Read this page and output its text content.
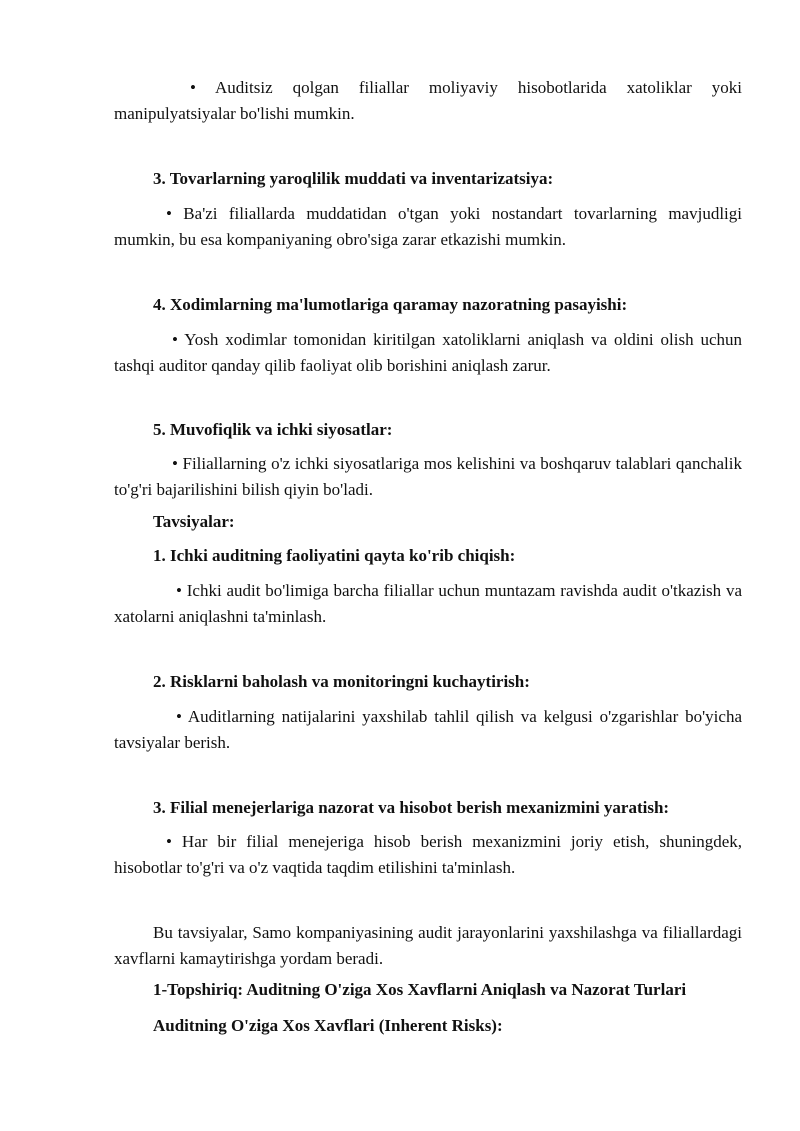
• Auditsiz qolgan filiallar moliyaviy hisobotlarida xatoliklar yoki manipulyatsiyalar bo'lishi mumkin.

3. Tovarlarning yaroqlilik muddati va inventarizatsiya:

• Ba'zi filiallarda muddatidan o'tgan yoki nostandart tovarlarning mavjudligi mumkin, bu esa kompaniyaning obro'siga zarar etkazishi mumkin.

4. Xodimlarning ma'lumotlariga qaramay nazoratning pasayishi:

• Yosh xodimlar tomonidan kiritilgan xatoliklarni aniqlash va oldini olish uchun tashqi auditor qanday qilib faoliyat olib borishini aniqlash zarur.

5. Muvofiqlik va ichki siyosatlar:

• Filiallarning o'z ichki siyosatlariga mos kelishini va boshqaruv talablari qanchalik to'g'ri bajarilishini bilish qiyin bo'ladi.

Tavsiyalar:

1. Ichki auditning faoliyatini qayta ko'rib chiqish:

• Ichki audit bo'limiga barcha filiallar uchun muntazam ravishda audit o'tkazish va xatolarni aniqlashni ta'minlash.

2. Risklarni baholash va monitoringni kuchaytirish:

• Auditlarning natijalarini yaxshilab tahlil qilish va kelgusi o'zgarishlar bo'yicha tavsiyalar berish.

3. Filial menejerlariga nazorat va hisobot berish mexanizmini yaratish:

• Har bir filial menejeriga hisob berish mexanizmini joriy etish, shuningdek, hisobotlar to'g'ri va o'z vaqtida taqdim etilishini ta'minlash.

Bu tavsiyalar, Samo kompaniyasining audit jarayonlarini yaxshilashga va filiallardagi xavflarni kamaytirishga yordam beradi.

1-Topshiriq: Auditning O'ziga Xos Xavflarni Aniqlash va Nazorat Turlari

Auditning O'ziga Xos Xavflari (Inherent Risks):
